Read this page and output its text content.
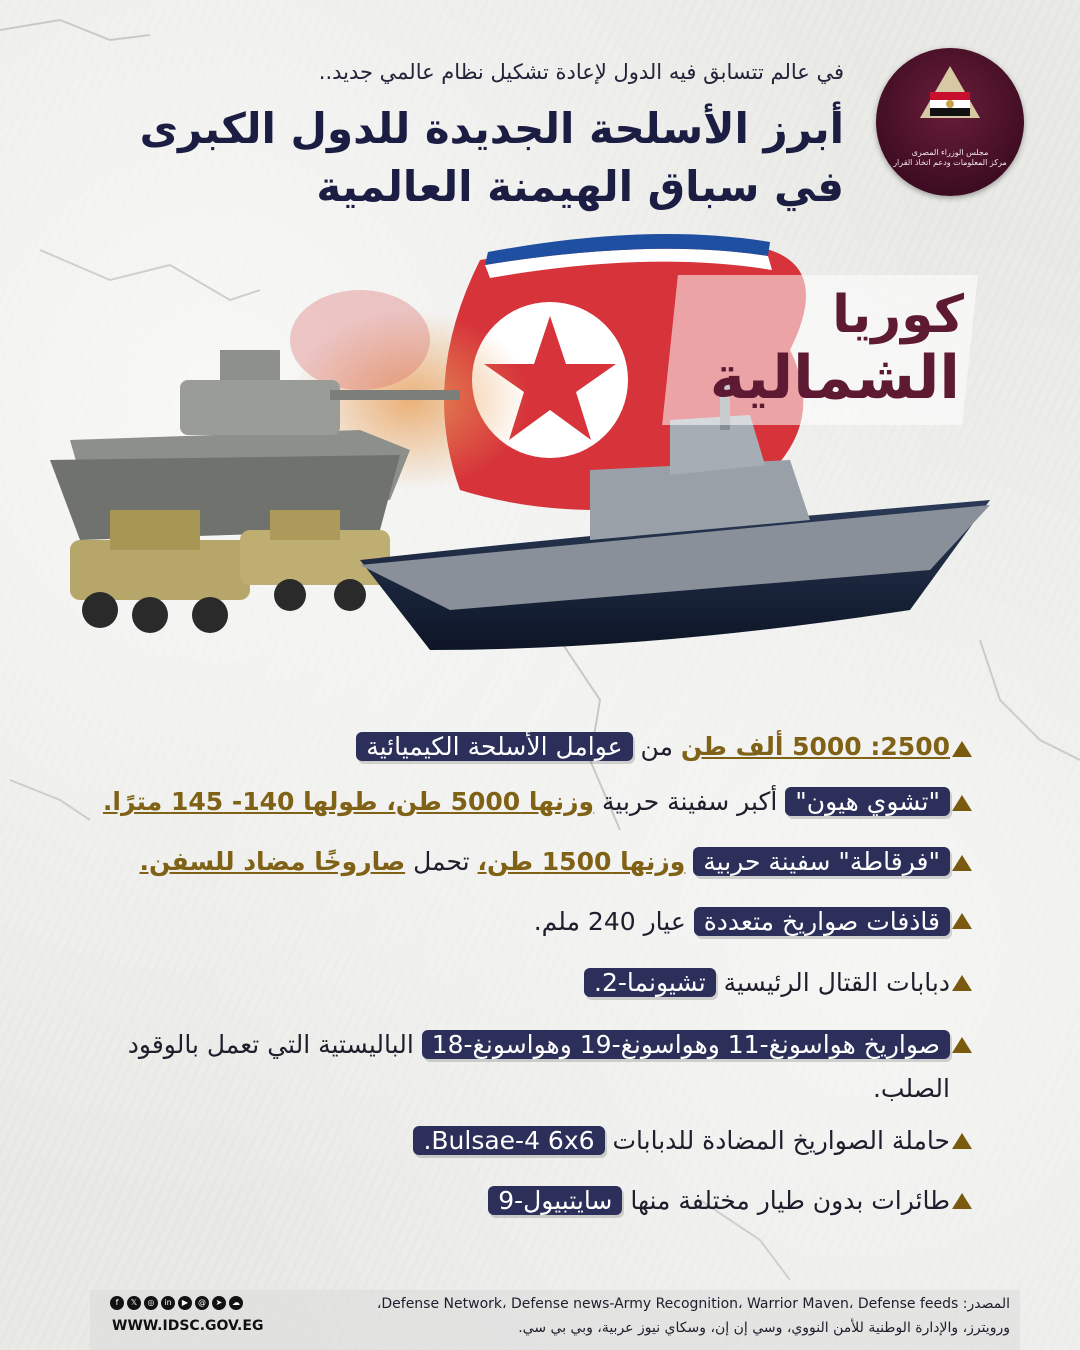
مجلس الوزراء المصرى
مركز المعلومات ودعم اتخاذ القرار
في عالم تتسابق فيه الدول لإعادة تشكيل نظام عالمي جديد..
أبرز الأسلحة الجديدة للدول الكبرى
في سباق الهيمنة العالمية
كوريا
الشمالية
2500: 5000 ألف طن من عوامل الأسلحة الكيميائية
"تشوي هيون" أكبر سفينة حربية وزنها 5000 طن، طولها 140- 145 مترًا.
"فرقاطة" سفينة حربية وزنها 1500 طن، تحمل صاروخًا مضاد للسفن.
قاذفات صواريخ متعددة عيار 240 ملم.
دبابات القتال الرئيسية تشيونما-2.
صواريخ هواسونغ-11 وهواسونغ-19 وهواسونغ-18 الباليستية التي تعمل بالوقود الصلب.
حاملة الصواريخ المضادة للدبابات Bulsae-4 6x6.
طائرات بدون طيار مختلفة منها سايتبيول-9
المصدر: Defense Network، Defense news-Army Recognition، Warrior Maven، Defense feeds،
ورويترز، والإدارة الوطنية للأمن النووي، وسي إن إن، وسكاي نيوز عربية، وبي بي سي.
f	𝕏	◎	in	▶	@	➤	☁
WWW.IDSC.GOV.EG
